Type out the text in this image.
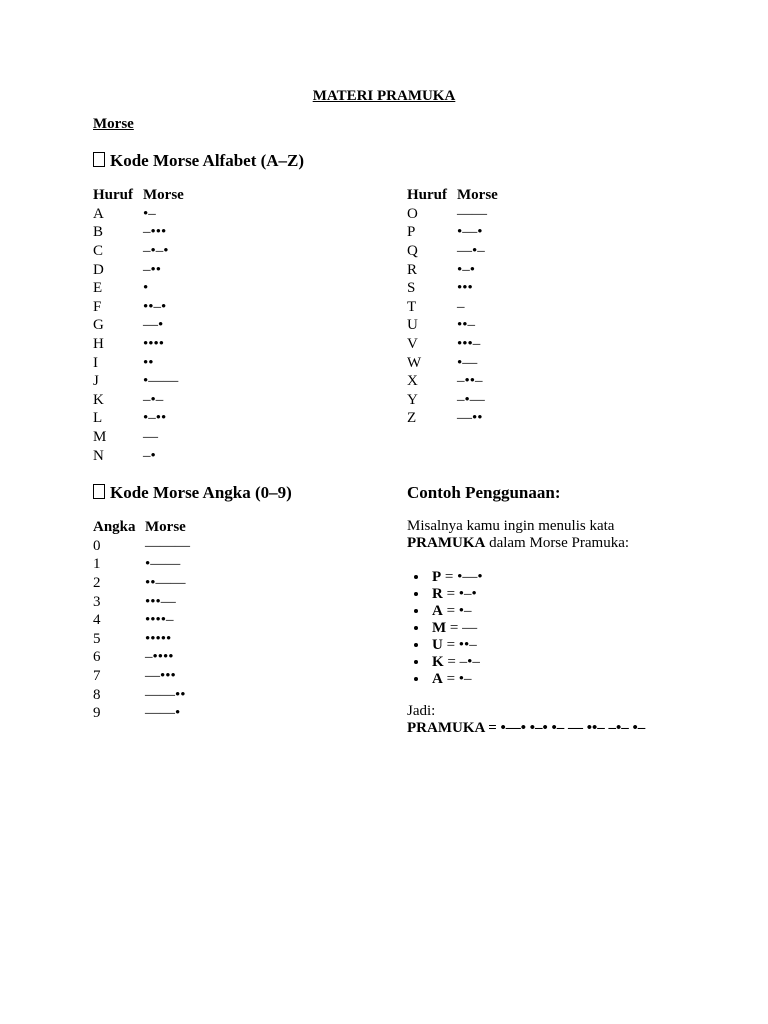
MATERI PRAMUKA
Morse
Kode Morse Alfabet (A–Z)
Huruf	Morse
A	•–
B	–•••
C	–•–•
D	–••
E	•
F	••–•
G	—•
H	••••
I	••
J	•——
K	–•–
L	•–••
M	—
N	–•
Huruf	Morse
O	——
P	•—•
Q	—•–
R	•–•
S	•••
T	–
U	••–
V	•••–
W	•—
X	–••–
Y	–•—
Z	—••
Kode Morse Angka (0–9)
Angka	Morse
0	———
1	•——
2	••——
3	•••—
4	••••–
5	•••••
6	–••••
7	—•••
8	——••
9	——•
Contoh Penggunaan:
Misalnya kamu ingin menulis kata
PRAMUKA dalam Morse Pramuka:
• P = •—•
• R = •–•
• A = •–
• M = —
• U = ••–
• K = –•–
• A = •–
Jadi:
PRAMUKA = •—• •–• •– — ••– –•– •–
